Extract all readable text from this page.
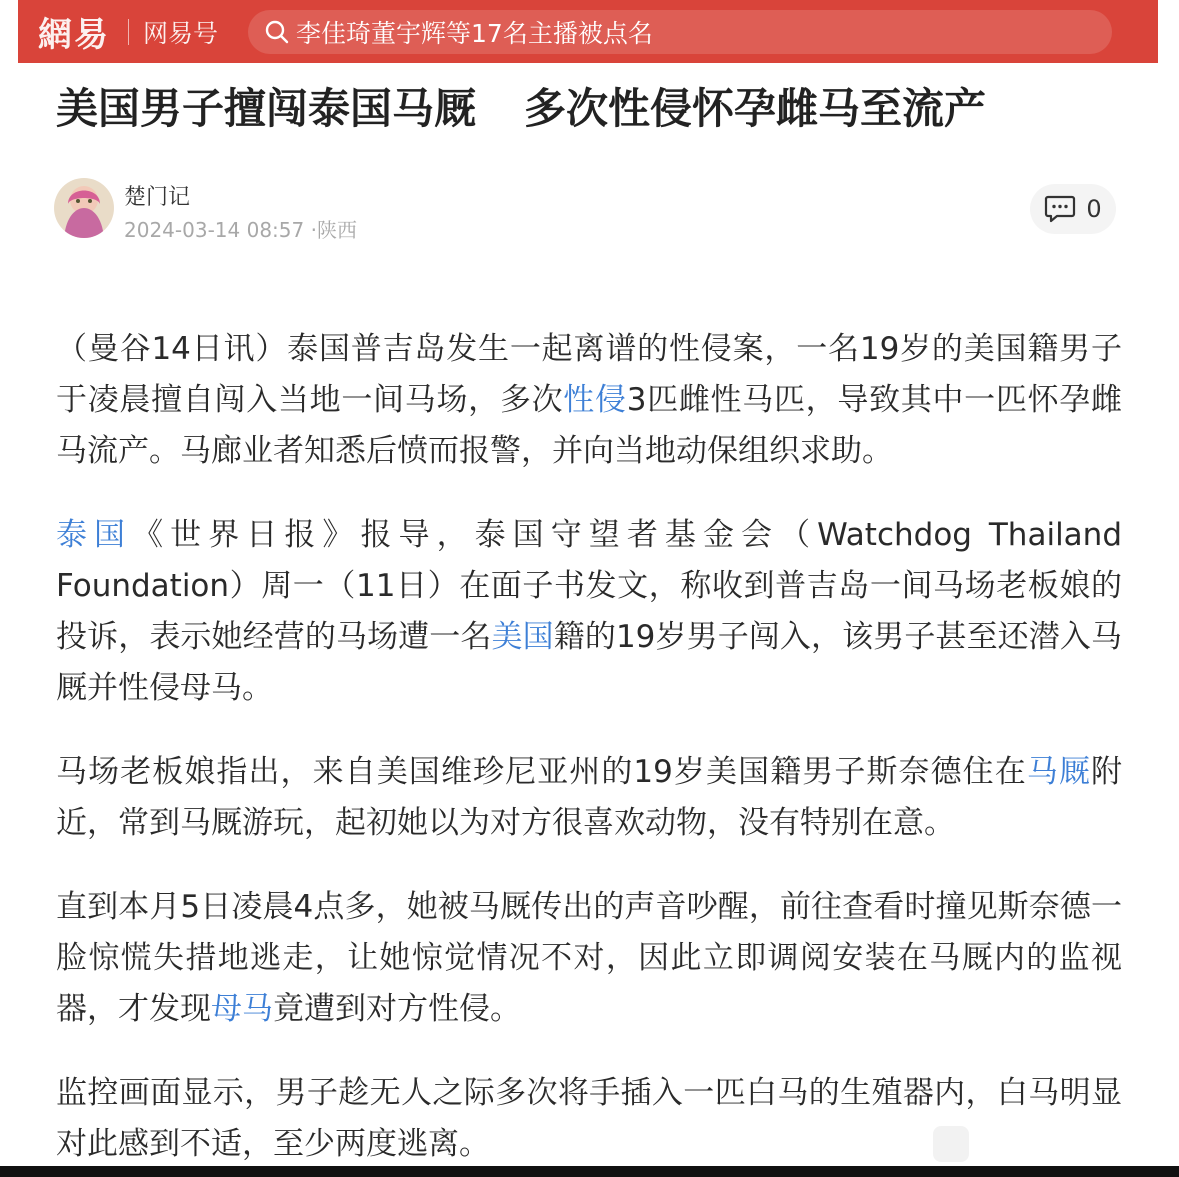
網易 网易号	李佳琦董宇辉等17名主播被点名
美国男子擅闯泰国马厩 多次性侵怀孕雌马至流产
楚门记
2024-03-14 08:57 ·陕西
0

（曼谷14日讯）泰国普吉岛发生一起离谱的性侵案，一名19岁的美国籍男子于凌晨擅自闯入当地一间马场，多次性侵3匹雌性马匹，导致其中一匹怀孕雌马流产。马廊业者知悉后愤而报警，并向当地动保组织求助。

泰国《世界日报》报导，泰国守望者基金会（Watchdog Thailand Foundation）周一（11日）在面子书发文，称收到普吉岛一间马场老板娘的投诉，表示她经营的马场遭一名美国籍的19岁男子闯入，该男子甚至还潜入马厩并性侵母马。

马场老板娘指出，来自美国维珍尼亚州的19岁美国籍男子斯奈德住在马厩附近，常到马厩游玩，起初她以为对方很喜欢动物，没有特别在意。

直到本月5日凌晨4点多，她被马厩传出的声音吵醒，前往查看时撞见斯奈德一脸惊慌失措地逃走，让她惊觉情况不对，因此立即调阅安装在马厩内的监视器，才发现母马竟遭到对方性侵。

监控画面显示，男子趁无人之际多次将手插入一匹白马的生殖器内，白马明显对此感到不适，至少两度逃离。
